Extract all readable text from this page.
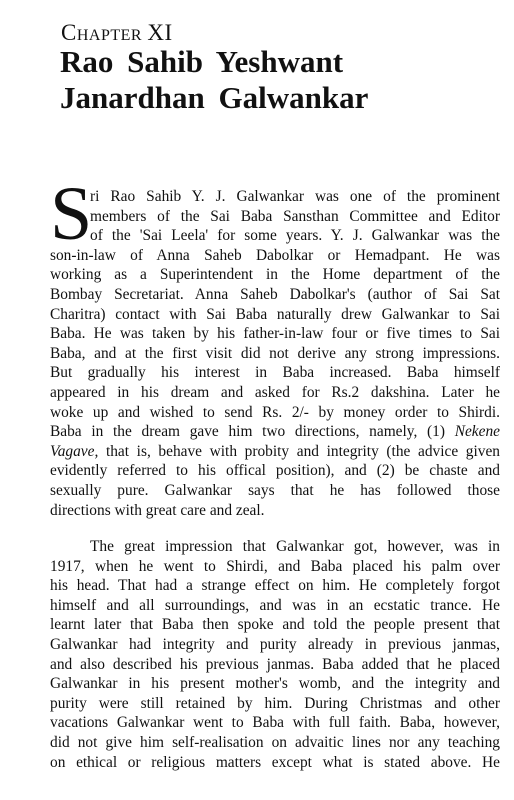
CHAPTER XI
Rao Sahib Yeshwant
Janardhan Galwankar
S
ri Rao Sahib Y. J. Galwankar was one of the prominent
members of the Sai Baba Sansthan Committee and Editor
of the 'Sai Leela' for some years. Y. J. Galwankar was the
son-in-law of Anna Saheb Dabolkar or Hemadpant. He was
working as a Superintendent in the Home department of the
Bombay Secretariat. Anna Saheb Dabolkar's (author of Sai Sat
Charitra) contact with Sai Baba naturally drew Galwankar to Sai
Baba. He was taken by his father-in-law four or five times to Sai
Baba, and at the first visit did not derive any strong impressions.
But gradually his interest in Baba increased. Baba himself
appeared in his dream and asked for Rs.2 dakshina. Later he
woke up and wished to send Rs. 2/- by money order to Shirdi.
Baba in the dream gave him two directions, namely, (1) Nekene
Vagave, that is, behave with probity and integrity (the advice given
evidently referred to his offical position), and (2) be chaste and
sexually pure. Galwankar says that he has followed those
directions with great care and zeal.
The great impression that Galwankar got, however, was in
1917, when he went to Shirdi, and Baba placed his palm over
his head. That had a strange effect on him. He completely forgot
himself and all surroundings, and was in an ecstatic trance. He
learnt later that Baba then spoke and told the people present that
Galwankar had integrity and purity already in previous janmas,
and also described his previous janmas. Baba added that he placed
Galwankar in his present mother's womb, and the integrity and
purity were still retained by him. During Christmas and other
vacations Galwankar went to Baba with full faith. Baba, however,
did not give him self-realisation on advaitic lines nor any teaching
on ethical or religious matters except what is stated above. He
